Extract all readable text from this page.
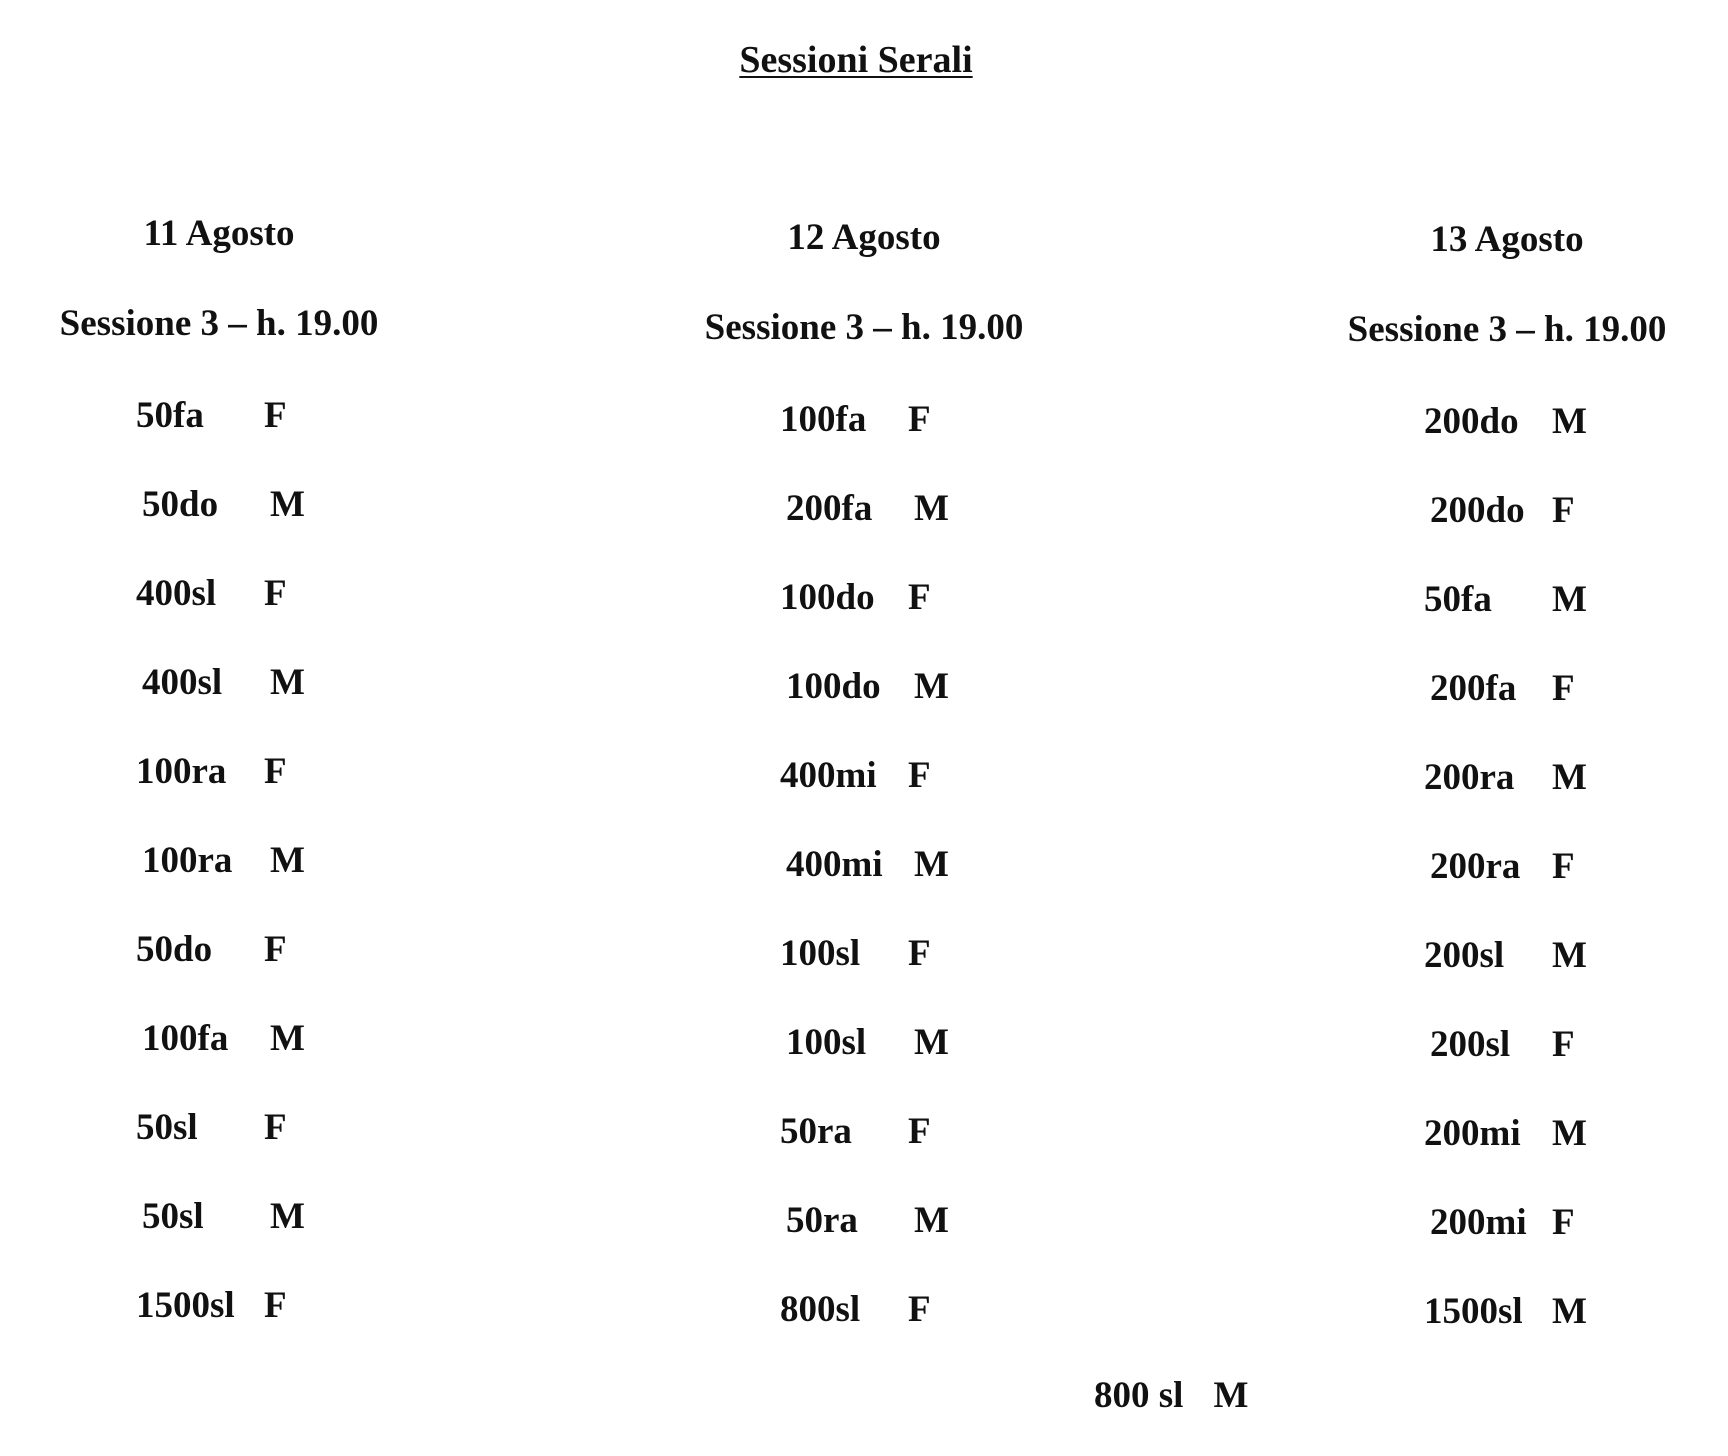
Sessioni Serali
11 Agosto
Sessione 3 – h. 19.00
12 Agosto
Sessione 3 – h. 19.00
13 Agosto
Sessione 3 – h. 19.00
50fa F
50do M
400sl F
400sl M
100ra F
100ra M
50do F
100fa M
50sl F
50sl M
1500sl F
100fa F
200fa M
100do F
100do M
400mi F
400mi M
100sl F
100sl M
50ra F
50ra M
800sl F
200do M
200do F
50fa M
200fa F
200ra M
200ra F
200sl M
200sl F
200mi M
200mi F
1500sl M
800 sl M
